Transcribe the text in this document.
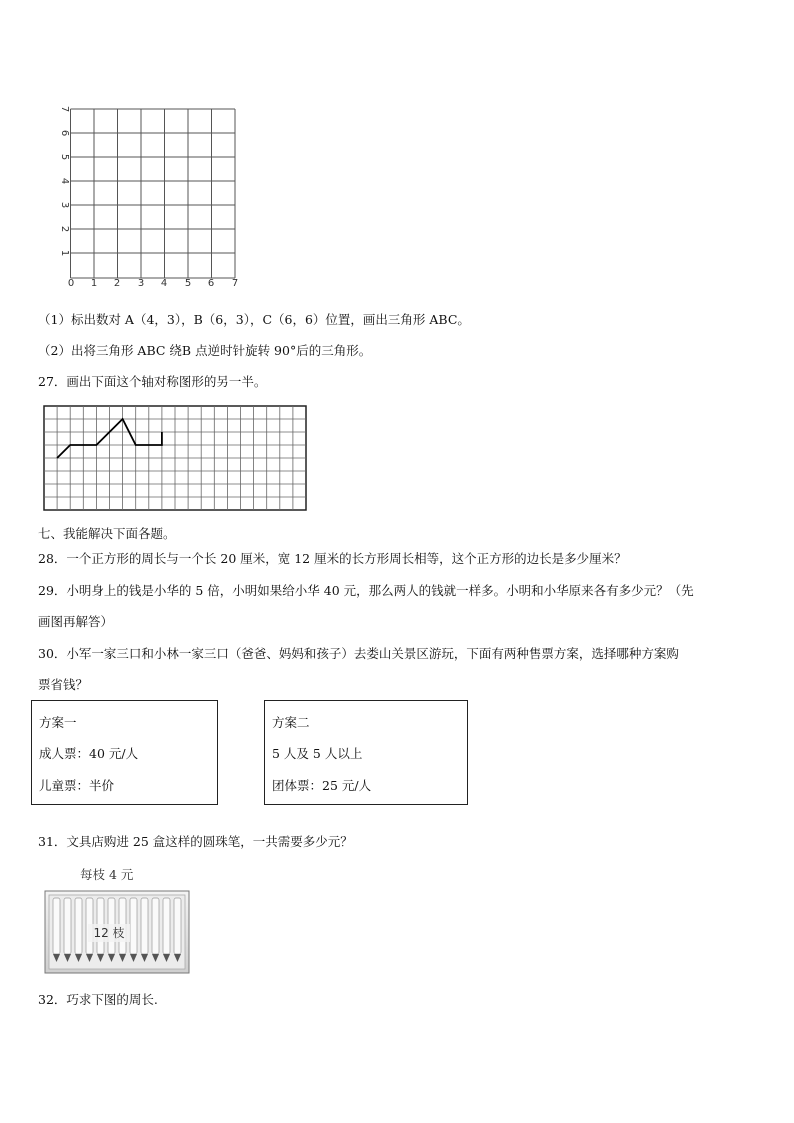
0 1 2 3 4 5 6 7
1
2
3
4
5
6
7
（1）标出数对 A（4，3），B（6，3），C（6，6）位置，画出三角形 ABC。
（2）出将三角形 ABC 绕B 点逆时针旋转 90°后的三角形。
27．画出下面这个轴对称图形的另一半。
七、我能解决下面各题。
28．一个正方形的周长与一个长 20 厘米，宽 12 厘米的长方形周长相等，这个正方形的边长是多少厘米？
29．小明身上的钱是小华的 5 倍，小明如果给小华 40 元，那么两人的钱就一样多。小明和小华原来各有多少元？（先
画图再解答）
30．小军一家三口和小林一家三口（爸爸、妈妈和孩子）去娄山关景区游玩，下面有两种售票方案，选择哪种方案购
票省钱？
方案一
成人票：40 元/人
儿童票：半价
方案二
5 人及 5 人以上
团体票：25 元/人
31．文具店购进 25 盒这样的圆珠笔，一共需要多少元？
每枝 4 元
12 枝
32．巧求下图的周长.
